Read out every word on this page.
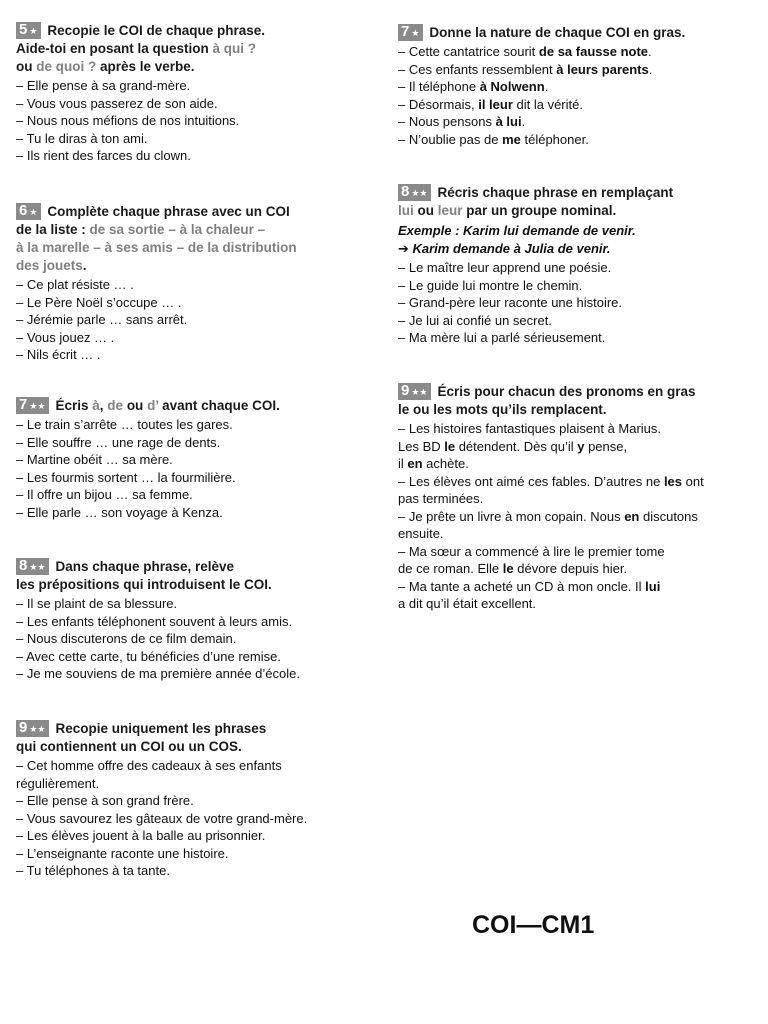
5 ★ Recopie le COI de chaque phrase.
Aide-toi en posant la question à qui ?
ou de quoi ? après le verbe.
– Elle pense à sa grand-mère.
– Vous vous passerez de son aide.
– Nous nous méfions de nos intuitions.
– Tu le diras à ton ami.
– Ils rient des farces du clown.
6 ★ Complète chaque phrase avec un COI
de la liste : de sa sortie – à la chaleur –
à la marelle – à ses amis – de la distribution
des jouets.
– Ce plat résiste … .
– Le Père Noël s’occupe … .
– Jérémie parle … sans arrêt.
– Vous jouez … .
– Nils écrit … .
7 ★★ Écris à, de ou d’ avant chaque COI.
– Le train s’arrête … toutes les gares.
– Elle souffre … une rage de dents.
– Martine obéit … sa mère.
– Les fourmis sortent … la fourmilière.
– Il offre un bijou … sa femme.
– Elle parle … son voyage à Kenza.
8 ★★ Dans chaque phrase, relève
les prépositions qui introduisent le COI.
– Il se plaint de sa blessure.
– Les enfants téléphonent souvent à leurs amis.
– Nous discuterons de ce film demain.
– Avec cette carte, tu bénéficies d’une remise.
– Je me souviens de ma première année d’école.
9 ★★ Recopie uniquement les phrases
qui contiennent un COI ou un COS.
– Cet homme offre des cadeaux à ses enfants
régulièrement.
– Elle pense à son grand frère.
– Vous savourez les gâteaux de votre grand-mère.
– Les élèves jouent à la balle au prisonnier.
– L’enseignante raconte une histoire.
– Tu téléphones à ta tante.
7 ★ Donne la nature de chaque COI en gras.
– Cette cantatrice sourit de sa fausse note.
– Ces enfants ressemblent à leurs parents.
– Il téléphone à Nolwenn.
– Désormais, il leur dit la vérité.
– Nous pensons à lui.
– N’oublie pas de me téléphoner.
8 ★★ Récris chaque phrase en remplaçant
lui ou leur par un groupe nominal.
Exemple : Karim lui demande de venir.
➔ Karim demande à Julia de venir.
– Le maître leur apprend une poésie.
– Le guide lui montre le chemin.
– Grand-père leur raconte une histoire.
– Je lui ai confié un secret.
– Ma mère lui a parlé sérieusement.
9 ★★ Écris pour chacun des pronoms en gras
le ou les mots qu’ils remplacent.
– Les histoires fantastiques plaisent à Marius.
Les BD le détendent. Dès qu’il y pense,
il en achète.
– Les élèves ont aimé ces fables. D’autres ne les ont
pas terminées.
– Je prête un livre à mon copain. Nous en discutons
ensuite.
– Ma sœur a commencé à lire le premier tome
de ce roman. Elle le dévore depuis hier.
– Ma tante a acheté un CD à mon oncle. Il lui
a dit qu’il était excellent.
COI—CM1
